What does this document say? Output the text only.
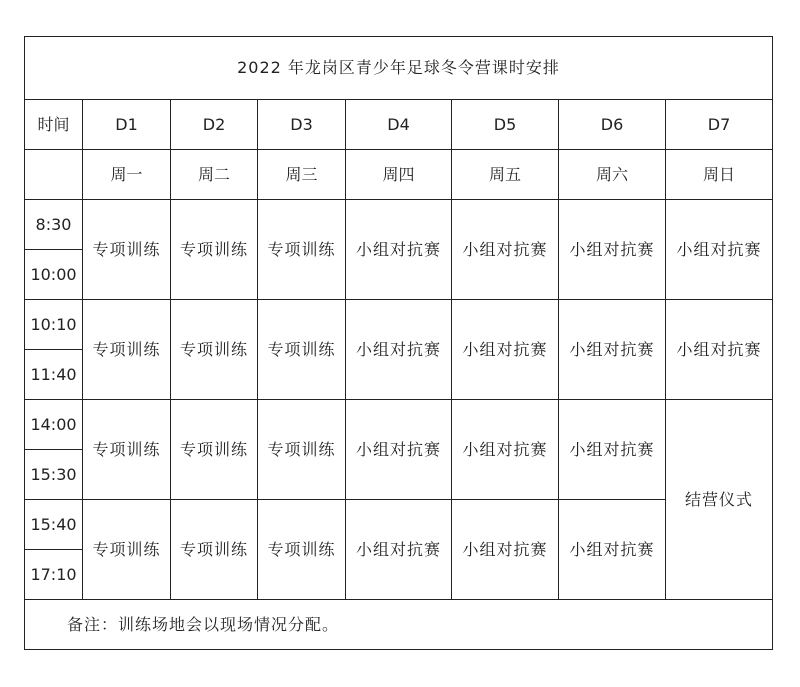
2022 年龙岗区青少年足球冬令营课时安排							
时间	D1	D2	D3	D4	D5	D6	D7
	周一	周二	周三	周四	周五	周六	周日
8:30	专项训练	专项训练	专项训练	小组对抗赛	小组对抗赛	小组对抗赛	小组对抗赛
10:00							
10:10	专项训练	专项训练	专项训练	小组对抗赛	小组对抗赛	小组对抗赛	小组对抗赛
11:40							
14:00	专项训练	专项训练	专项训练	小组对抗赛	小组对抗赛	小组对抗赛	结营仪式
15:30							
15:40	专项训练	专项训练	专项训练	小组对抗赛	小组对抗赛	小组对抗赛	
17:10							
备注：训练场地会以现场情况分配。							
